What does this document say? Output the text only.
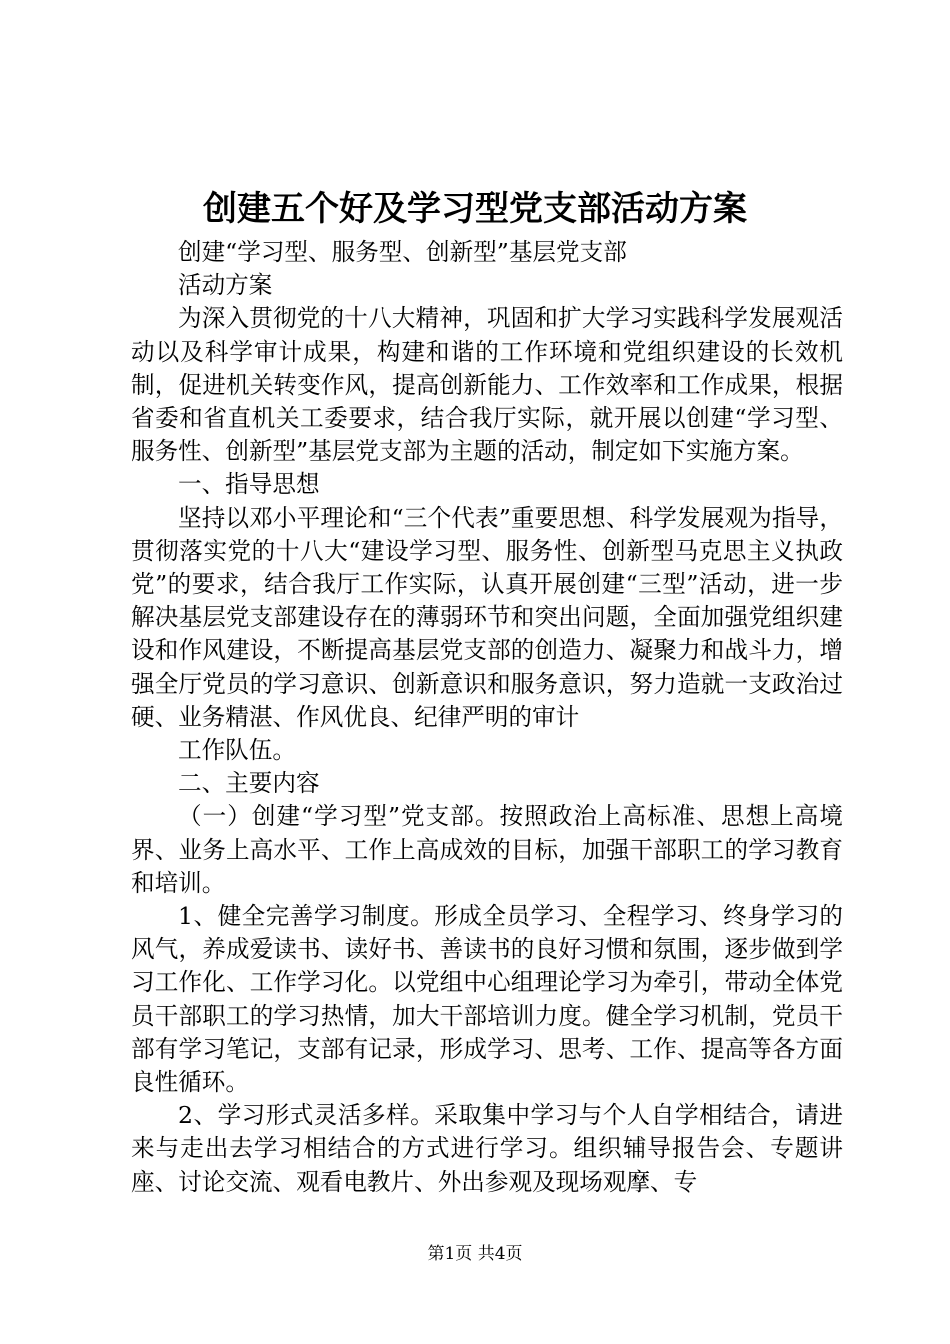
创建五个好及学习型党支部活动方案

创建“学习型、服务型、创新型”基层党支部

活动方案

为深入贯彻党的十八大精神，巩固和扩大学习实践科学发展观活动以及科学审计成果，构建和谐的工作环境和党组织建设的长效机制，促进机关转变作风，提高创新能力、工作效率和工作成果，根据省委和省直机关工委要求，结合我厅实际，就开展以创建“学习型、服务性、创新型”基层党支部为主题的活动，制定如下实施方案。

一、指导思想

坚持以邓小平理论和“三个代表”重要思想、科学发展观为指导，贯彻落实党的十八大“建设学习型、服务性、创新型马克思主义执政党”的要求，结合我厅工作实际，认真开展创建“三型”活动，进一步解决基层党支部建设存在的薄弱环节和突出问题，全面加强党组织建设和作风建设，不断提高基层党支部的创造力、凝聚力和战斗力，增强全厅党员的学习意识、创新意识和服务意识，努力造就一支政治过硬、业务精湛、作风优良、纪律严明的审计

工作队伍。

二、主要内容

（一）创建“学习型”党支部。按照政治上高标准、思想上高境界、业务上高水平、工作上高成效的目标，加强干部职工的学习教育和培训。

1、健全完善学习制度。形成全员学习、全程学习、终身学习的风气，养成爱读书、读好书、善读书的良好习惯和氛围，逐步做到学习工作化、工作学习化。以党组中心组理论学习为牵引，带动全体党员干部职工的学习热情，加大干部培训力度。健全学习机制，党员干部有学习笔记，支部有记录，形成学习、思考、工作、提高等各方面良性循环。

2、学习形式灵活多样。采取集中学习与个人自学相结合，请进来与走出去学习相结合的方式进行学习。组织辅导报告会、专题讲座、讨论交流、观看电教片、外出参观及现场观摩、专

第1页 共4页
